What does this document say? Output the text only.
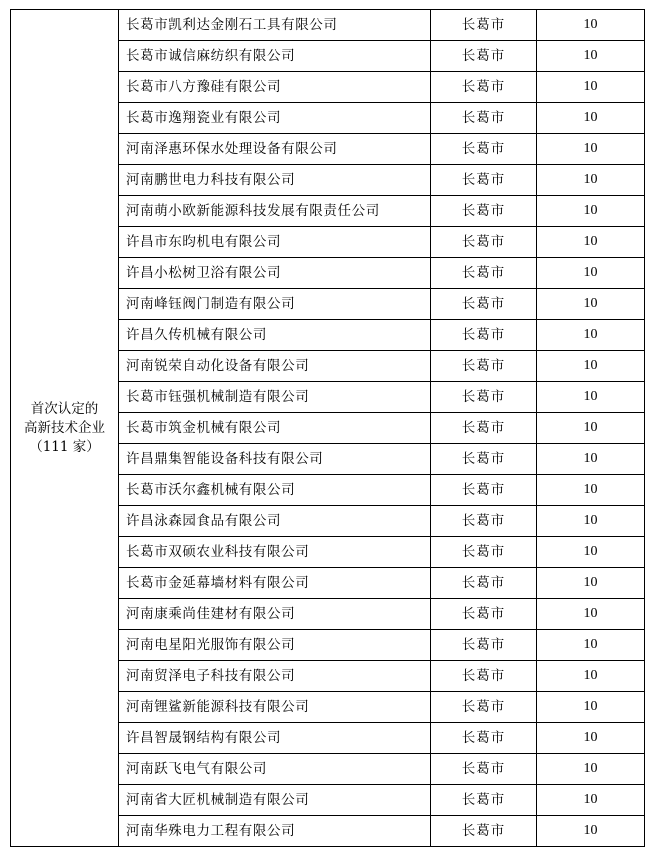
首次认定的
高新技术企业
（111 家）	长葛市凯利达金刚石工具有限公司	长葛市	10
	长葛市诚信麻纺织有限公司	长葛市	10
	长葛市八方豫硅有限公司	长葛市	10
	长葛市逸翔瓷业有限公司	长葛市	10
	河南泽惠环保水处理设备有限公司	长葛市	10
	河南鹏世电力科技有限公司	长葛市	10
	河南萌小欧新能源科技发展有限责任公司	长葛市	10
	许昌市东昀机电有限公司	长葛市	10
	许昌小松树卫浴有限公司	长葛市	10
	河南峰钰阀门制造有限公司	长葛市	10
	许昌久传机械有限公司	长葛市	10
	河南锐荣自动化设备有限公司	长葛市	10
	长葛市钰强机械制造有限公司	长葛市	10
	长葛市筑金机械有限公司	长葛市	10
	许昌鼎集智能设备科技有限公司	长葛市	10
	长葛市沃尔鑫机械有限公司	长葛市	10
	许昌泳森园食品有限公司	长葛市	10
	长葛市双硕农业科技有限公司	长葛市	10
	长葛市金延幕墙材料有限公司	长葛市	10
	河南康乘尚佳建材有限公司	长葛市	10
	河南电星阳光服饰有限公司	长葛市	10
	河南贸泽电子科技有限公司	长葛市	10
	河南锂鲨新能源科技有限公司	长葛市	10
	许昌智晟钢结构有限公司	长葛市	10
	河南跃飞电气有限公司	长葛市	10
	河南省大匠机械制造有限公司	长葛市	10
	河南华殊电力工程有限公司	长葛市	10
